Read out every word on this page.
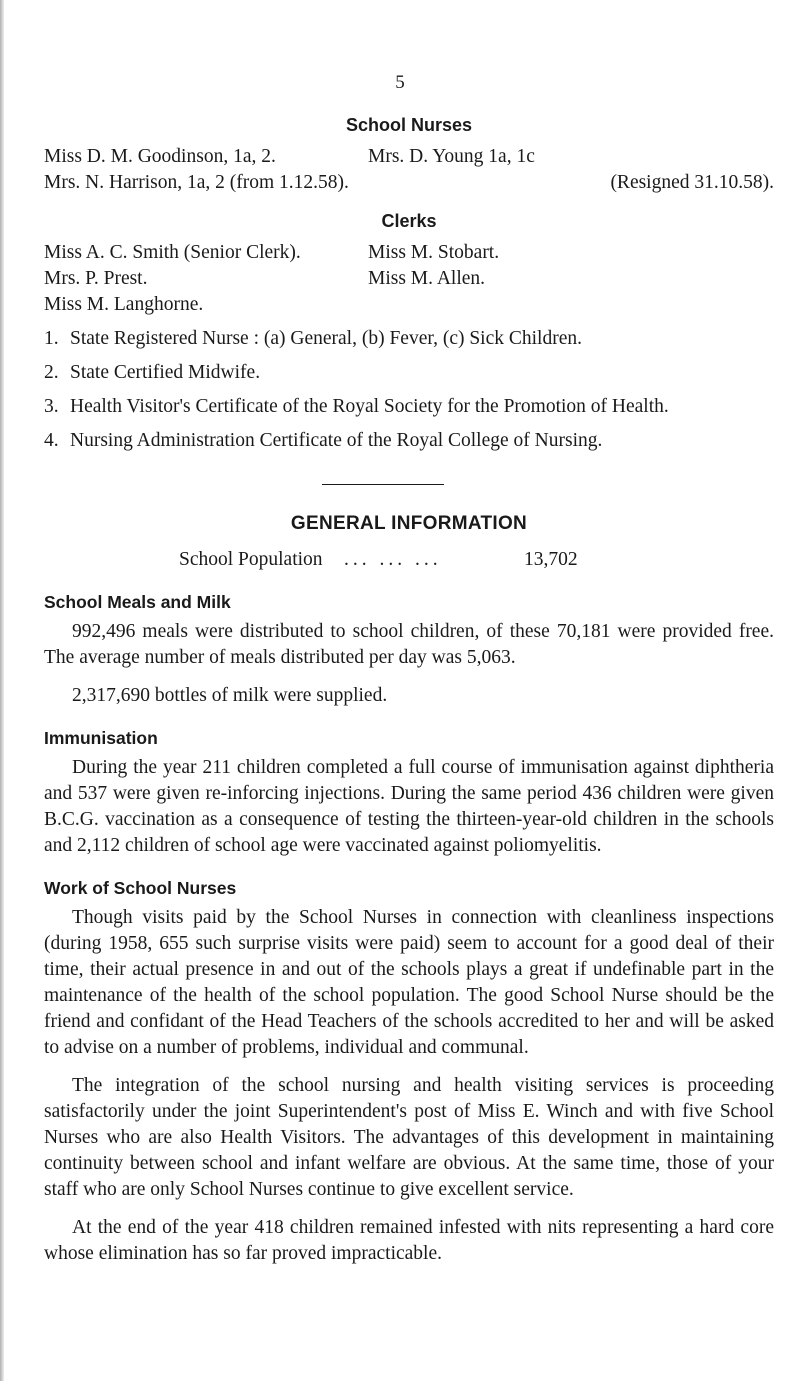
5
School Nurses
Miss D. M. Goodinson, 1a, 2.	Mrs. D. Young 1a, 1c
Mrs. N. Harrison, 1a, 2 (from 1.12.58).	(Resigned 31.10.58).
Clerks
Miss A. C. Smith (Senior Clerk).	Miss M. Stobart.
Mrs. P. Prest.	Miss M. Allen.
Miss M. Langhorne.
1. State Registered Nurse : (a) General, (b) Fever, (c) Sick Children.
2. State Certified Midwife.
3. Health Visitor's Certificate of the Royal Society for the Promotion of Health.
4. Nursing Administration Certificate of the Royal College of Nursing.
GENERAL INFORMATION
School Population	... ... ...	13,702
School Meals and Milk

992,496 meals were distributed to school children, of these 70,181 were provided free. The average number of meals distributed per day was 5,063.

2,317,690 bottles of milk were supplied.

Immunisation

During the year 211 children completed a full course of immunisation against diphtheria and 537 were given re-inforcing injections. During the same period 436 children were given B.C.G. vaccination as a consequence of testing the thirteen-year-old children in the schools and 2,112 children of school age were vaccinated against poliomyelitis.

Work of School Nurses

Though visits paid by the School Nurses in connection with cleanliness inspections (during 1958, 655 such surprise visits were paid) seem to account for a good deal of their time, their actual presence in and out of the schools plays a great if undefinable part in the maintenance of the health of the school population. The good School Nurse should be the friend and confidant of the Head Teachers of the schools accredited to her and will be asked to advise on a number of problems, individual and communal.

The integration of the school nursing and health visiting services is proceeding satisfactorily under the joint Superintendent's post of Miss E. Winch and with five School Nurses who are also Health Visitors. The advantages of this development in maintaining continuity between school and infant welfare are obvious. At the same time, those of your staff who are only School Nurses continue to give excellent service.

At the end of the year 418 children remained infested with nits representing a hard core whose elimination has so far proved impracticable.
